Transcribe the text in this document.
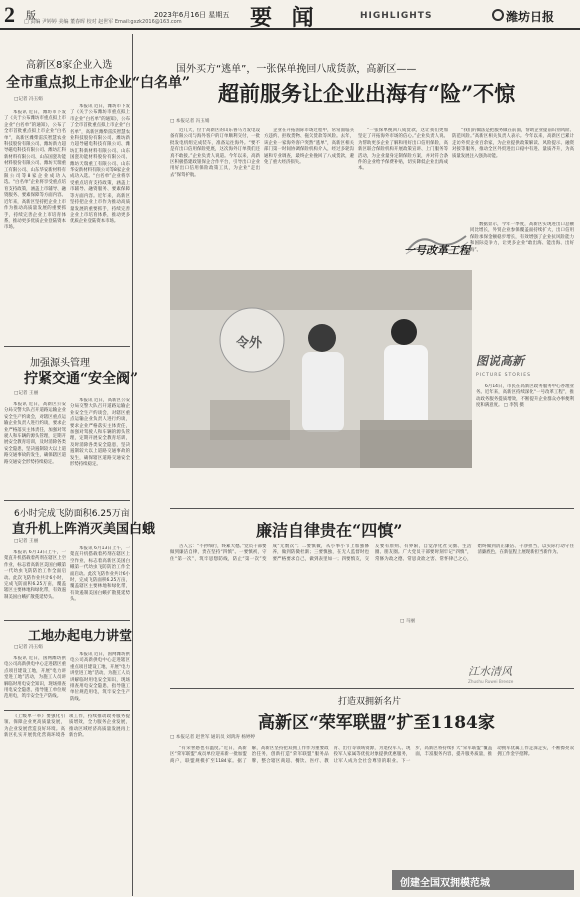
2 版
□ 责编 尹婷婷 美编 董春晖 校对 赵世军 Email:gxzk2016@163.com
2023年6月16日 星期五 要 闻	HIGHLIGHTS	潍坊日报
高新区8家企业入选
全市重点拟上市企业“白名单”
□记者 冯玉娟

本报讯 近日，潍坊市下发了《关于公布潍坊市重点拟上市企业“白名单”的通知》，公布了全市首批重点拟上市企业“白名单”，高新区潍柴雷沃智慧农业科技股份有限公司、潍坊新力超导磁电科技有限公司、潍坊汇科新材料有限公司、山东国瓷功能材料股份有限公司、潍坊天瑞重工有限公司、山东华安新材料有限公司等8家企业成功入选。“白名单”企业将享受重点培育支持政策，涵盖上市辅导、融资服务、要素保障等方面内容。近年来，高新区坚持把企业上市作为推动高质量发展的重要抓手，持续完善企业上市培育体系，推动更多优质企业登陆资本市场。

本报讯 近日，潍坊市下发了《关于公布潍坊市重点拟上市企业“白名单”的通知》，公布了全市首批重点拟上市企业“白名单”，高新区潍柴雷沃智慧农业科技股份有限公司、潍坊新力超导磁电科技有限公司、潍坊汇科新材料有限公司、山东国瓷功能材料股份有限公司、潍坊天瑞重工有限公司、山东华安新材料有限公司等8家企业成功入选。“白名单”企业将享受重点培育支持政策，涵盖上市辅导、融资服务、要素保障等方面内容。近年来，高新区坚持把企业上市作为推动高质量发展的重要抓手，持续完善企业上市培育体系，推动更多优质企业登陆资本市场。

加强源头管理
拧紧交通“安全阀”
□记者 王丽

本报讯 近日，高新区公安分局交警大队召开道路运输企业安全生产约谈会，对辖区重点运输企业负责人进行约谈，要求企业严格落实主体责任，加强对驾驶人和车辆的源头管理，定期开展安全教育培训，及时消除各类安全隐患，坚决遏制较大以上道路交通事故的发生，确保辖区道路交通安全形势持续稳定。

本报讯 近日，高新区公安分局交警大队召开道路运输企业安全生产约谈会，对辖区重点运输企业负责人进行约谈，要求企业严格落实主体责任，加强对驾驶人和车辆的源头管理，定期开展安全教育培训，及时消除各类安全隐患，坚决遏制较大以上道路交通事故的发生，确保辖区道路交通安全形势持续稳定。

6小时完成飞防面积6.25万亩
直升机上阵消灭美国白蛾
□记者 王丽

本报讯 6月13日上午，一架直升机搭载着药剂在辖区上空作业，标志着高新区美国白蛾第一代幼虫飞防防治工作全面启动。此次飞防作业共计6小时，完成飞防面积6.25万亩，覆盖辖区主要林地和绿化带，有效遏制美国白蛾扩散蔓延势头。

本报讯 6月13日上午，一架直升机搭载着药剂在辖区上空作业，标志着高新区美国白蛾第一代幼虫飞防防治工作全面启动。此次飞防作业共计6小时，完成飞防面积6.25万亩，覆盖辖区主要林地和绿化带，有效遏制美国白蛾扩散蔓延势头。

工地办起电力讲堂
□记者 冯玉娟

本报讯 近日，国网潍坊供电公司高新供电中心走进辖区重点项目建设工地，开展“电力讲堂进工地”活动，为施工人员讲解临时用电安全知识，现场排查用电安全隐患，指导施工单位规范用电，筑牢安全生产防线。

本报讯 近日，国网潍坊供电公司高新供电中心走进辖区重点项目建设工地，开展“电力讲堂进工地”活动，为施工人员讲解临时用电安全知识，现场排查用电安全隐患，指导施工单位规范用电，筑牢安全生产防线。

《上级单一举》要强化引领、保障企业更高质量发展，为企业发展营造良好环境。高新区扎实开展优化营商环境各项工作，持续推动政务服务提质增效，全力服务企业发展，推动区域经济高质量发展再上新台阶。

国外买方“逃单”，一张保单挽回八成货款，高新区——
超前服务让企业出海有“险”不惊
□ 本报记者 冯玉娟

近几天，位于高新区的山东鲁马力发电设备有限公司与海外客户的订单顺利交付，一批批发电机组完成装车，准备运往海外。“要不是有出口信用保险兜底，这次海外订单我们还真不敢接。”企业负责人说道。今年以来，高新区积极搭建政银保企合作平台，引导出口企业用好出口信用保险政策工具，为企业“走出去”保驾护航。

企业在开拓国际市场过程中，常常面临买方违约、拒收货物、拖欠货款等风险。去年，该企业一家海外客户突然“逃单”，高新区相关部门第一时间协调保险机构介入，经过多轮沟通和专业调查，最终企业挽回了八成货款，避免了重大经济损失。

“一张保单挽回八成货款，这让我们更加坚定了开拓海外市场的信心。”企业负责人说。为帮助更多企业了解和用好出口信用保险，高新区联合保险机构开展政策宣讲、上门服务等活动，为企业量身定制保险方案，并对符合条件的企业给予保费补贴，切实降低企业出海成本。

“我们的做法是把服务做在前面，帮助企业提前识别风险、防范风险。”高新区相关负责人表示。今年以来，高新区已累计走访外贸企业百余家，为企业提供政策解读、风险提示、融资对接等服务，推动全区外贸进出口稳中有进、量质齐升，为高质量发展注入强劲动能。

数据显示，今年一季度，高新区实现进出口总额同比增长，外贸企业参保覆盖面持续扩大，出口信用保险承保金额稳步增长，有效增强了企业抗风险能力和国际竞争力，让更多企业“敢出海、能出海、出好海”。

一号改革工程
令外
图说高新
PICTURE STORIES

6月14日，市民在高新区政务服务中心办理业务。近年来，高新区持续深化“一号改革工程”，推动政务服务提质增效，不断提升企业群众办事便利度和满意度。 □ 李凯 摄

廉洁自律贵在“四慎”

古人云：“不矜细行，终累大德。”党员干部要做到廉洁自律，贵在坚持“四慎”。一要慎初，守住“第一次”，筑牢思想防线，防止“第一次”变成“无数次”；二要慎微，从小事小节上加强修养，做到防微杜渐；三要慎独，在无人监督时也要严格要求自己，做到表里如一；四要慎友，交友要有原则、有界限，自觉净化社交圈、生活圈、朋友圈。广大党员干部要时刻牢记“四慎”，常修为政之德、常思贪欲之害、常怀律己之心，始终做到清正廉洁、干净担当，以实际行动守住清廉底色，在新征程上展现新担当新作为。

□ 马丽
江水清风
Zhushu Ruwei Breeze
打造双拥新名片
高新区“荣军联盟”扩至1184家
□ 本报记者 赵世军 通讯员 刘鸿涛 杨婷婷

“有荣誉感也有温度。”近日，高新区“荣军联盟”成员单位迎来新一批加盟商户，联盟规模扩至1184家。据了解，高新区坚持把双拥工作作为重要政治任务，创新打造“荣军联盟”服务品牌，整合辖区商超、餐饮、医疗、教育、出行等领域资源，为退役军人、现役军人家属等优抚对象提供优惠服务，让军人成为全社会尊崇的职业。下一步，高新区将持续扩大“荣军联盟”覆盖面，丰富服务内容，提升服务质量，推动拥军优属工作走深走实，不断擦亮双拥工作金字招牌。

创建全国双拥模范城
